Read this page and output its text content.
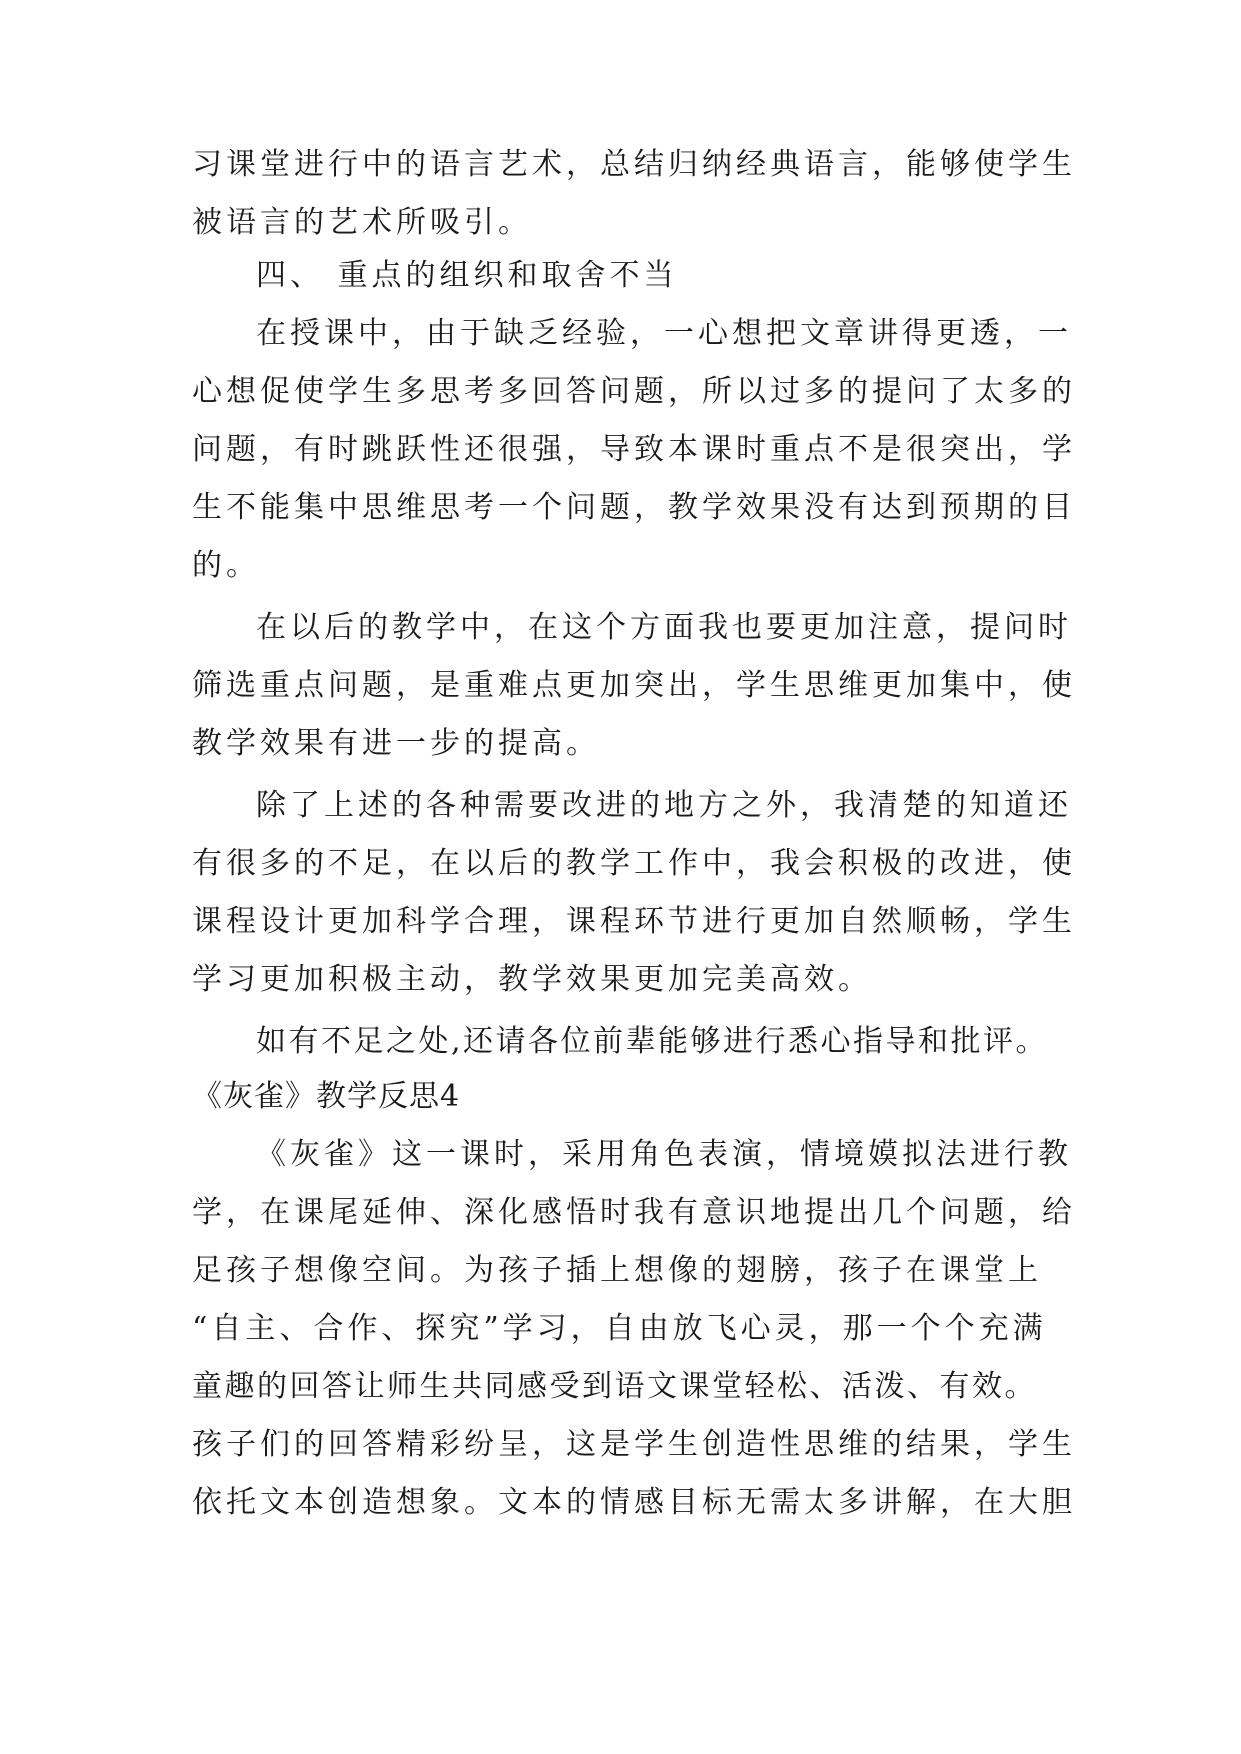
习课堂进行中的语言艺术，总结归纳经典语言，能够使学生
被语言的艺术所吸引。
四、 重点的组织和取舍不当
在授课中，由于缺乏经验，一心想把文章讲得更透，一
心想促使学生多思考多回答问题，所以过多的提问了太多的
问题，有时跳跃性还很强，导致本课时重点不是很突出，学
生不能集中思维思考一个问题，教学效果没有达到预期的目
的。
在以后的教学中，在这个方面我也要更加注意，提问时
筛选重点问题，是重难点更加突出，学生思维更加集中，使
教学效果有进一步的提高。
除了上述的各种需要改进的地方之外，我清楚的知道还
有很多的不足，在以后的教学工作中，我会积极的改进，使
课程设计更加科学合理，课程环节进行更加自然顺畅，学生
学习更加积极主动，教学效果更加完美高效。
如有不足之处,还请各位前辈能够进行悉心指导和批评。
《灰雀》教学反思4
《灰雀》这一课时，采用角色表演，情境嫫拟法进行教
学，在课尾延伸、深化感悟时我有意识地提出几个问题，给
足孩子想像空间。为孩子插上想像的翅膀，孩子在课堂上
“自主、合作、探究”学习，自由放飞心灵，那一个个充满
童趣的回答让师生共同感受到语文课堂轻松、活泼、有效。
孩子们的回答精彩纷呈，这是学生创造性思维的结果，学生
依托文本创造想象。文本的情感目标无需太多讲解，在大胆
